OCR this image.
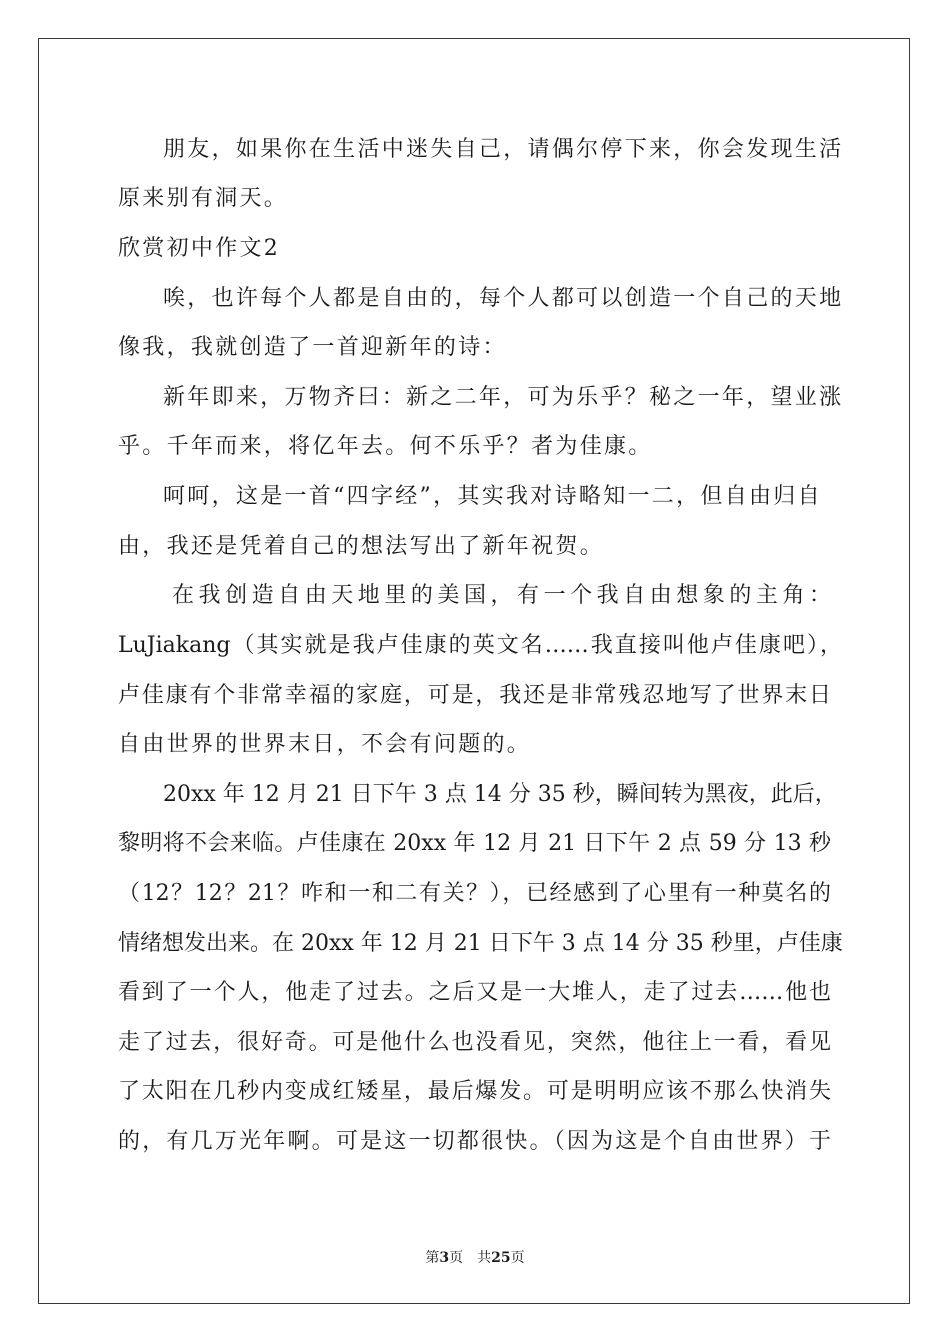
朋友，如果你在生活中迷失自己，请偶尔停下来，你会发现生活
原来别有洞天。
欣赏初中作文2
唉，也许每个人都是自由的，每个人都可以创造一个自己的天地
像我，我就创造了一首迎新年的诗：
新年即来，万物齐曰：新之二年，可为乐乎？秘之一年，望业涨
乎。千年而来，将亿年去。何不乐乎？者为佳康。
呵呵，这是一首“四字经”，其实我对诗略知一二，但自由归自
由，我还是凭着自己的想法写出了新年祝贺。
在我创造自由天地里的美国，有一个我自由想象的主角：
LuJiakang（其实就是我卢佳康的英文名……我直接叫他卢佳康吧），
卢佳康有个非常幸福的家庭，可是，我还是非常残忍地写了世界末日
自由世界的世界末日，不会有问题的。
20xx 年 12 月 21 日下午 3 点 14 分 35 秒，瞬间转为黑夜，此后，
黎明将不会来临。卢佳康在 20xx 年 12 月 21 日下午 2 点 59 分 13 秒
（12？12？21？咋和一和二有关？），已经感到了心里有一种莫名的
情绪想发出来。在 20xx 年 12 月 21 日下午 3 点 14 分 35 秒里，卢佳康
看到了一个人，他走了过去。之后又是一大堆人，走了过去……他也
走了过去，很好奇。可是他什么也没看见，突然，他往上一看，看见
了太阳在几秒内变成红矮星，最后爆发。可是明明应该不那么快消失
的，有几万光年啊。可是这一切都很快。（因为这是个自由世界）于
第3页　共25页
